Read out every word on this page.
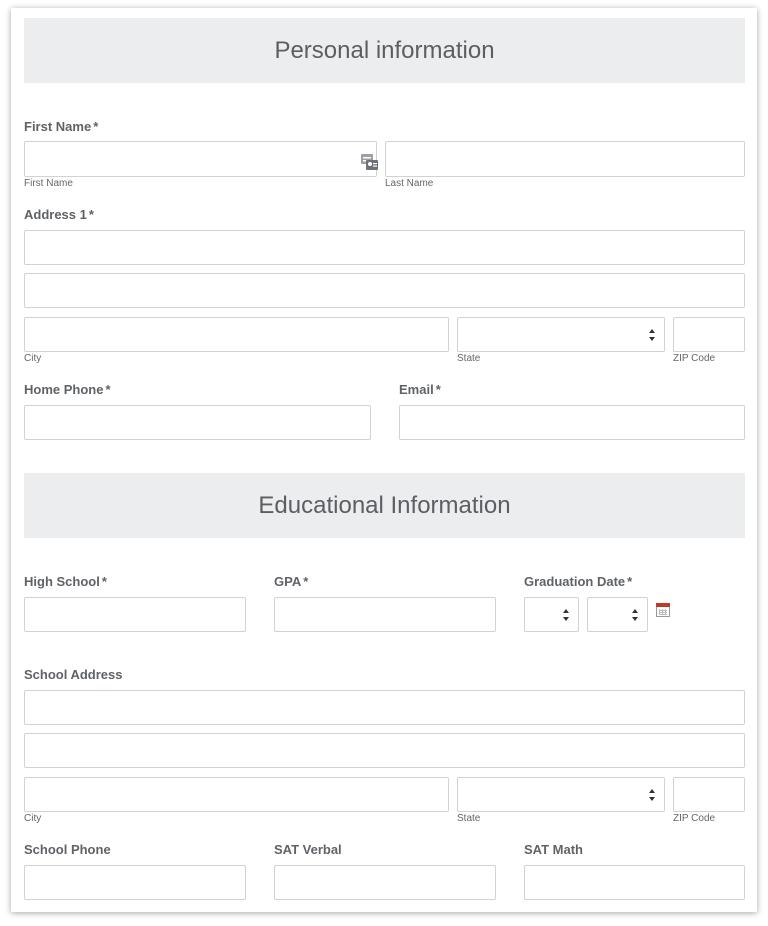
Personal information
First Name *
First Name	Last Name
Address 1 *
City	State	ZIP Code
Home Phone *	Email *
Educational Information
High School *	GPA *	Graduation Date *
School Address
City	State	ZIP Code
School Phone	SAT Verbal	SAT Math
